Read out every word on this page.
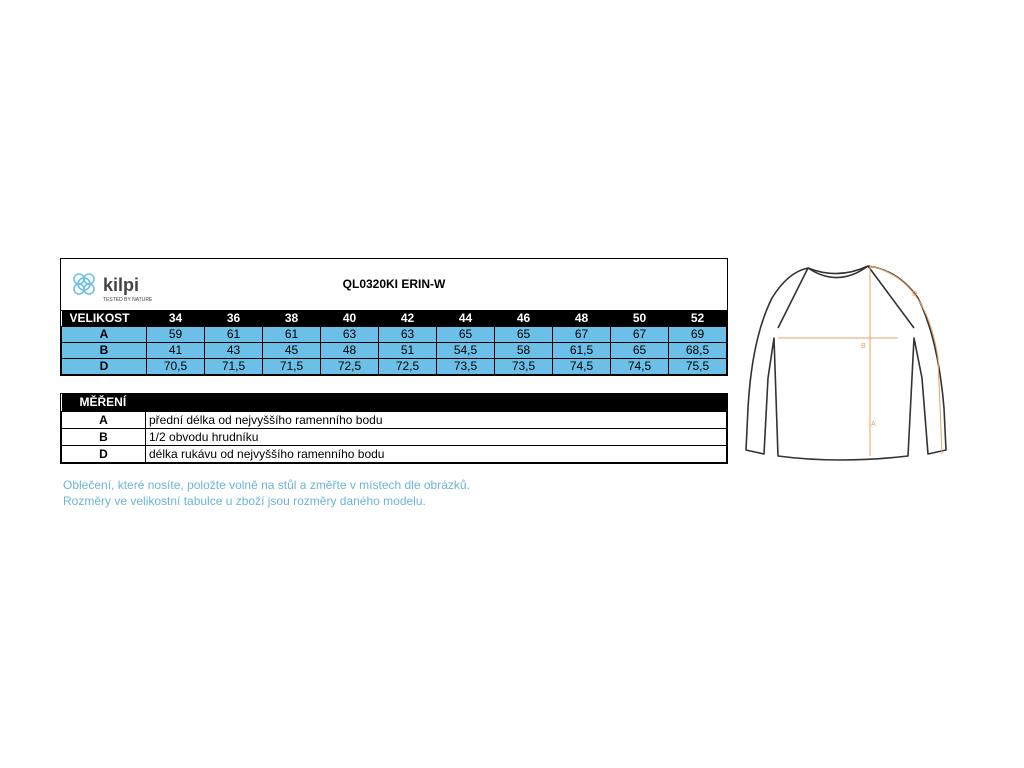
kilpi
TESTED BY NATURE
QL0320KI ERIN-W
VELIKOST	34	36	38	40	42	44	46	48	50	52
A	59	61	61	63	63	65	65	67	67	69
B	41	43	45	48	51	54,5	58	61,5	65	68,5
D	70,5	71,5	71,5	72,5	72,5	73,5	73,5	74,5	74,5	75,5
MĚŘENÍ	
A	přední délka od nejvyššího ramenního bodu
B	1/2 obvodu hrudníku
D	délka rukávu od nejvyššího ramenního bodu
Oblečení, které nosíte, položte volně na stůl a změřte v místech dle obrázků.
Rozměry ve velikostní tabulce u zboží jsou rozměry daného modelu.
B
A
D
